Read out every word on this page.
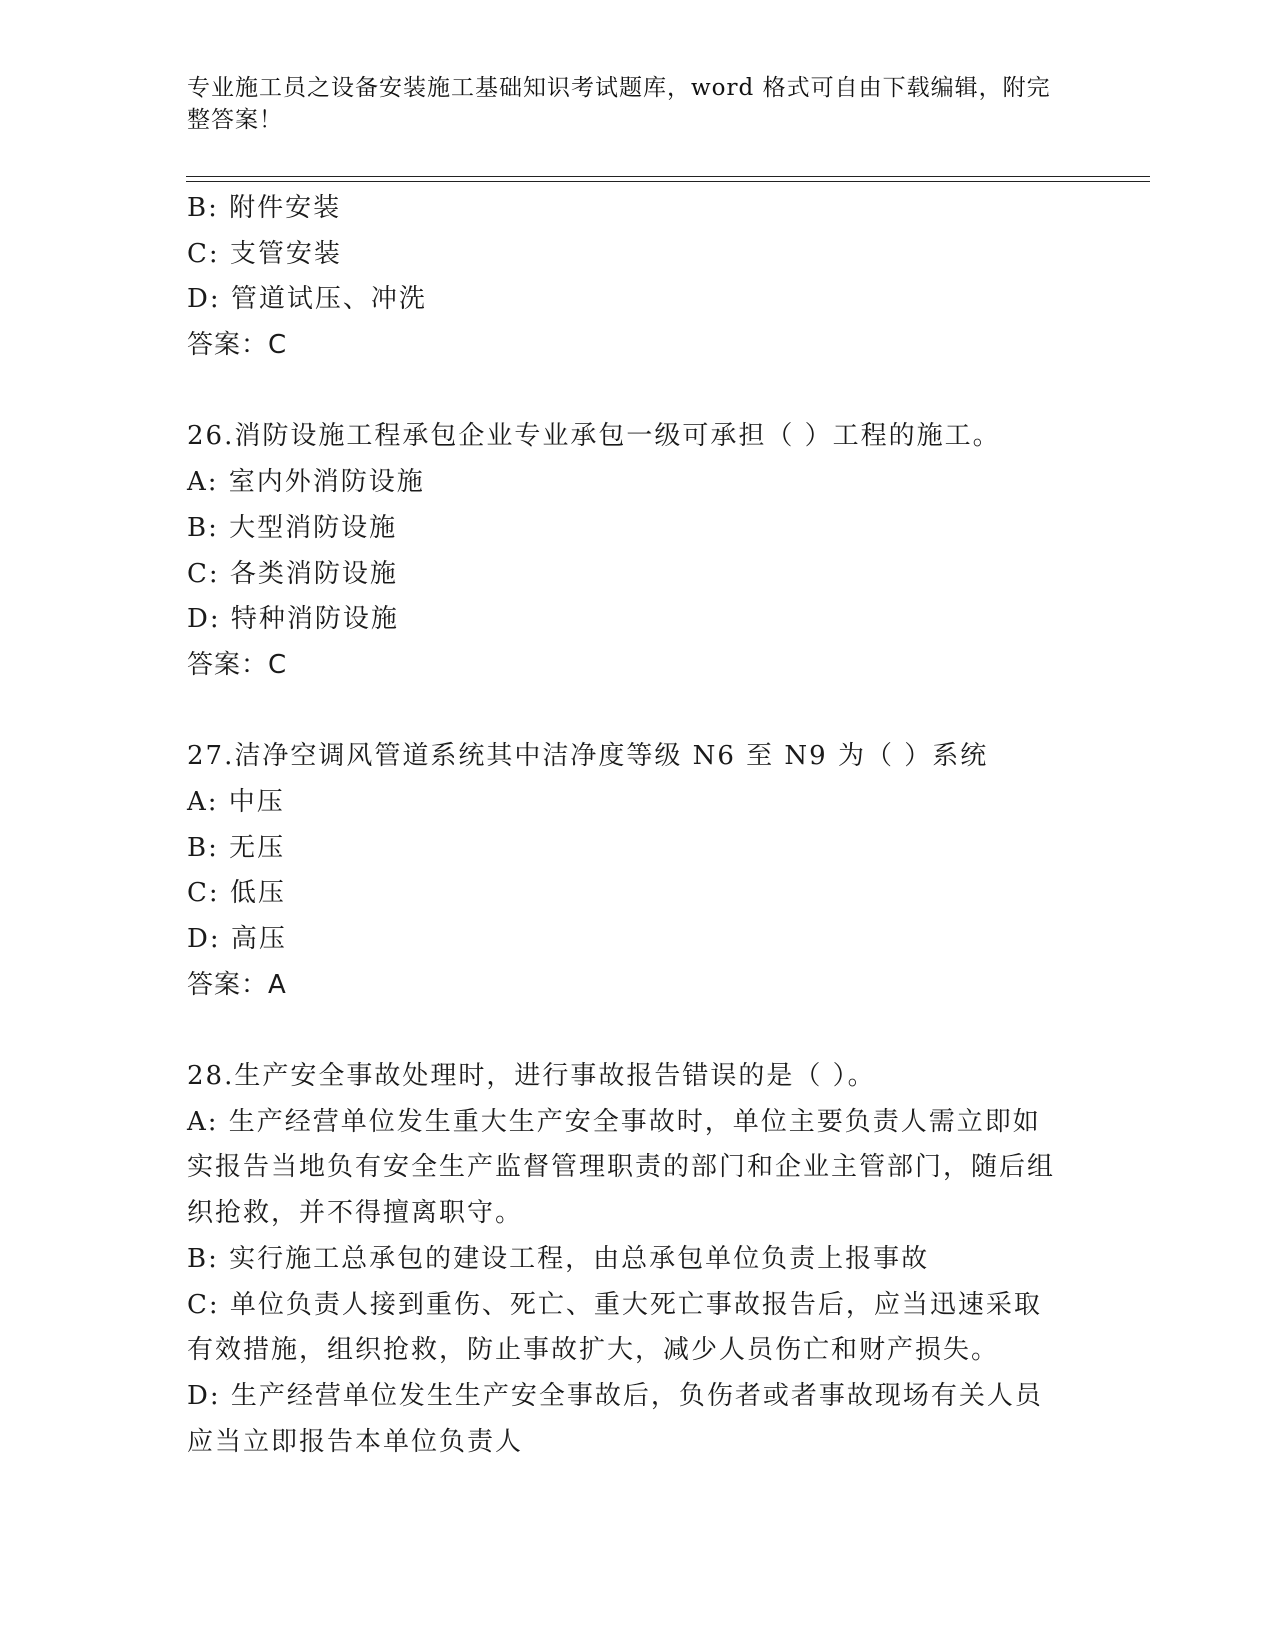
专业施工员之设备安装施工基础知识考试题库，word 格式可自由下载编辑，附完整答案！
B: 附件安装
C: 支管安装
D: 管道试压、冲洗
答案：C
26.消防设施工程承包企业专业承包一级可承担（ ）工程的施工。
A: 室内外消防设施
B: 大型消防设施
C: 各类消防设施
D: 特种消防设施
答案：C
27.洁净空调风管道系统其中洁净度等级 N6 至 N9 为（ ）系统
A: 中压
B: 无压
C: 低压
D: 高压
答案：A
28.生产安全事故处理时，进行事故报告错误的是（ ）。
A: 生产经营单位发生重大生产安全事故时，单位主要负责人需立即如实报告当地负有安全生产监督管理职责的部门和企业主管部门，随后组织抢救，并不得擅离职守。
B: 实行施工总承包的建设工程，由总承包单位负责上报事故
C: 单位负责人接到重伤、死亡、重大死亡事故报告后，应当迅速采取有效措施，组织抢救，防止事故扩大，减少人员伤亡和财产损失。
D: 生产经营单位发生生产安全事故后，负伤者或者事故现场有关人员应当立即报告本单位负责人
